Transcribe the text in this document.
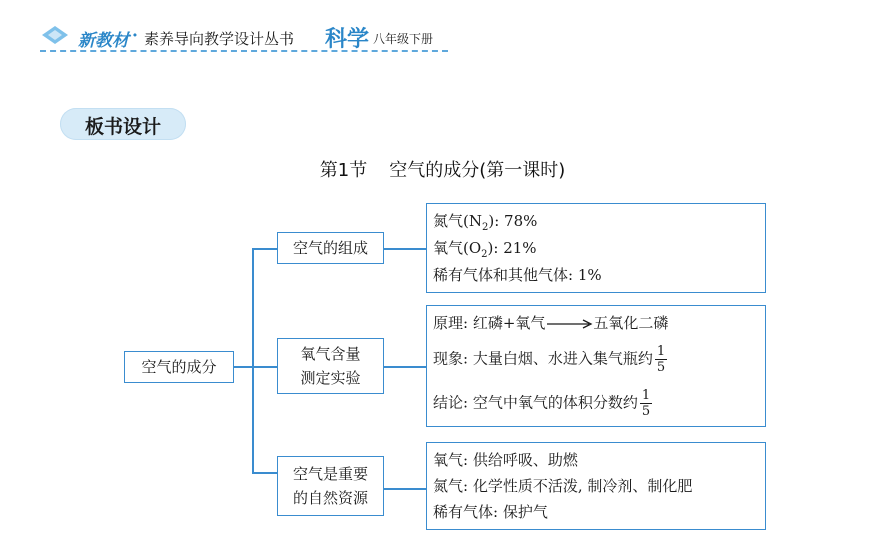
新教材 · 素养导向教学设计丛书 科学 八年级下册
板书设计
第1节 空气的成分(第一课时)
空气的成分
空气的组成
氧气含量
测定实验
空气是重要
的自然资源
氮气$(N_2)$: 78%
氧气$(O_2)$: 21%
稀有气体和其他气体: 1%
原理: 红磷+氧气→五氧化二磷
现象: 大量白烟、水进入集气瓶约 $\frac{1}{5}$
结论: 空气中氧气的体积分数约 $\frac{1}{5}$
氧气: 供给呼吸、助燃
氮气: 化学性质不活泼, 制冷剂、制化肥
稀有气体: 保护气
